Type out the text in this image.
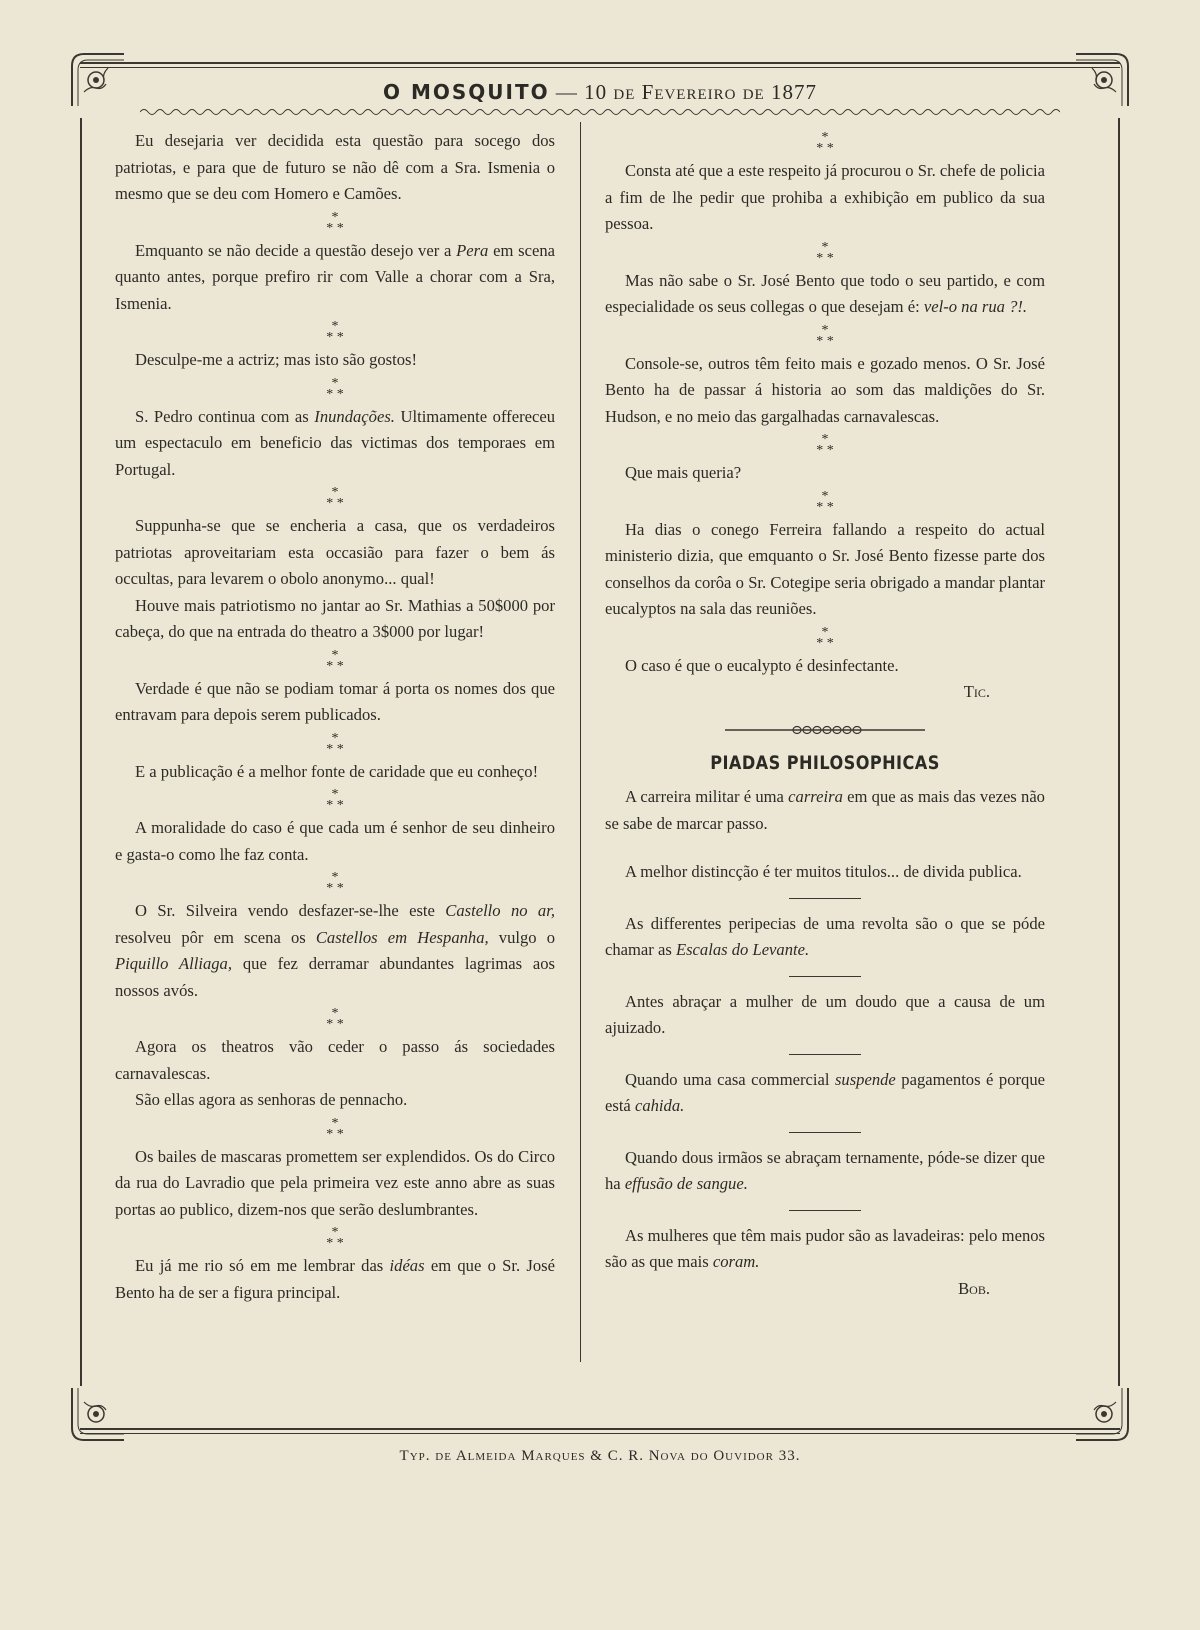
O MOSQUITO — 10 de Fevereiro de 1877

Eu desejaria ver decidida esta questão para socego dos patriotas, e para que de futuro se não dê com a Sra. Ismenia o mesmo que se deu com Homero e Camões.

*
* *

Emquanto se não decide a questão desejo ver a Pera em scena quanto antes, porque prefiro rir com Valle a chorar com a Sra, Ismenia.

*
* *

Desculpe-me a actriz; mas isto são gostos!

*
* *

S. Pedro continua com as Inundações. Ultimamente offereceu um espectaculo em beneficio das victimas dos temporaes em Portugal.

*
* *

Suppunha-se que se encheria a casa, que os verdadeiros patriotas aproveitariam esta occasião para fazer o bem ás occultas, para levarem o obolo anonymo... qual!

Houve mais patriotismo no jantar ao Sr. Mathias a 50$000 por cabeça, do que na entrada do theatro a 3$000 por lugar!

*
* *

Verdade é que não se podiam tomar á porta os nomes dos que entravam para depois serem publicados.

*
* *

E a publicação é a melhor fonte de caridade que eu conheço!

*
* *

A moralidade do caso é que cada um é senhor de seu dinheiro e gasta-o como lhe faz conta.

*
* *

O Sr. Silveira vendo desfazer-se-lhe este Castello no ar, resolveu pôr em scena os Castellos em Hespanha, vulgo o Piquillo Alliaga, que fez derramar abundantes lagrimas aos nossos avós.

*
* *

Agora os theatros vão ceder o passo ás sociedades carnavalescas.

São ellas agora as senhoras de pennacho.

*
* *

Os bailes de mascaras promettem ser explendidos. Os do Circo da rua do Lavradio que pela primeira vez este anno abre as suas portas ao publico, dizem-nos que serão deslumbrantes.

*
* *

Eu já me rio só em me lembrar das idéas em que o Sr. José Bento ha de ser a figura principal.

*
* *

Consta até que a este respeito já procurou o Sr. chefe de policia a fim de lhe pedir que prohiba a exhibição em publico da sua pessoa.

*
* *

Mas não sabe o Sr. José Bento que todo o seu partido, e com especialidade os seus collegas o que desejam é: vel-o na rua ?!.

*
* *

Console-se, outros têm feito mais e gozado menos. O Sr. José Bento ha de passar á historia ao som das maldições do Sr. Hudson, e no meio das gargalhadas carnavalescas.

*
* *

Que mais queria?

*
* *

Ha dias o conego Ferreira fallando a respeito do actual ministerio dizia, que emquanto o Sr. José Bento fizesse parte dos conselhos da corôa o Sr. Cotegipe seria obrigado a mandar plantar eucalyptos na sala das reuniões.

*
* *

O caso é que o eucalypto é desinfectante.

Tic.
PIADAS PHILOSOPHICAS

A carreira militar é uma carreira em que as mais das vezes não se sabe de marcar passo.

A melhor distincção é ter muitos titulos... de divida publica.

As differentes peripecias de uma revolta são o que se póde chamar as Escalas do Levante.

Antes abraçar a mulher de um doudo que a causa de um ajuizado.

Quando uma casa commercial suspende pagamentos é porque está cahida.

Quando dous irmãos se abraçam ternamente, póde-se dizer que ha effusão de sangue.

As mulheres que têm mais pudor são as lavadeiras: pelo menos são as que mais coram.

Bob.
Typ. de Almeida Marques & C. R. Nova do Ouvidor 33.
